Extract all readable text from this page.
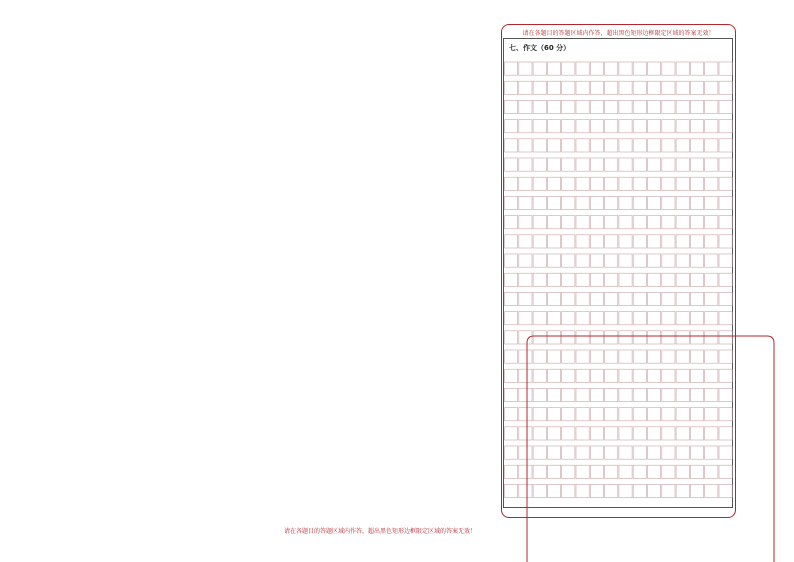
请在各题目的答题区域内作答，超出黑色矩形边框限定区域的答案无效！
七、作文（60 分）
请在各题目的答题区域内作答，超出黑色矩形边框限定区域的答案无效！
